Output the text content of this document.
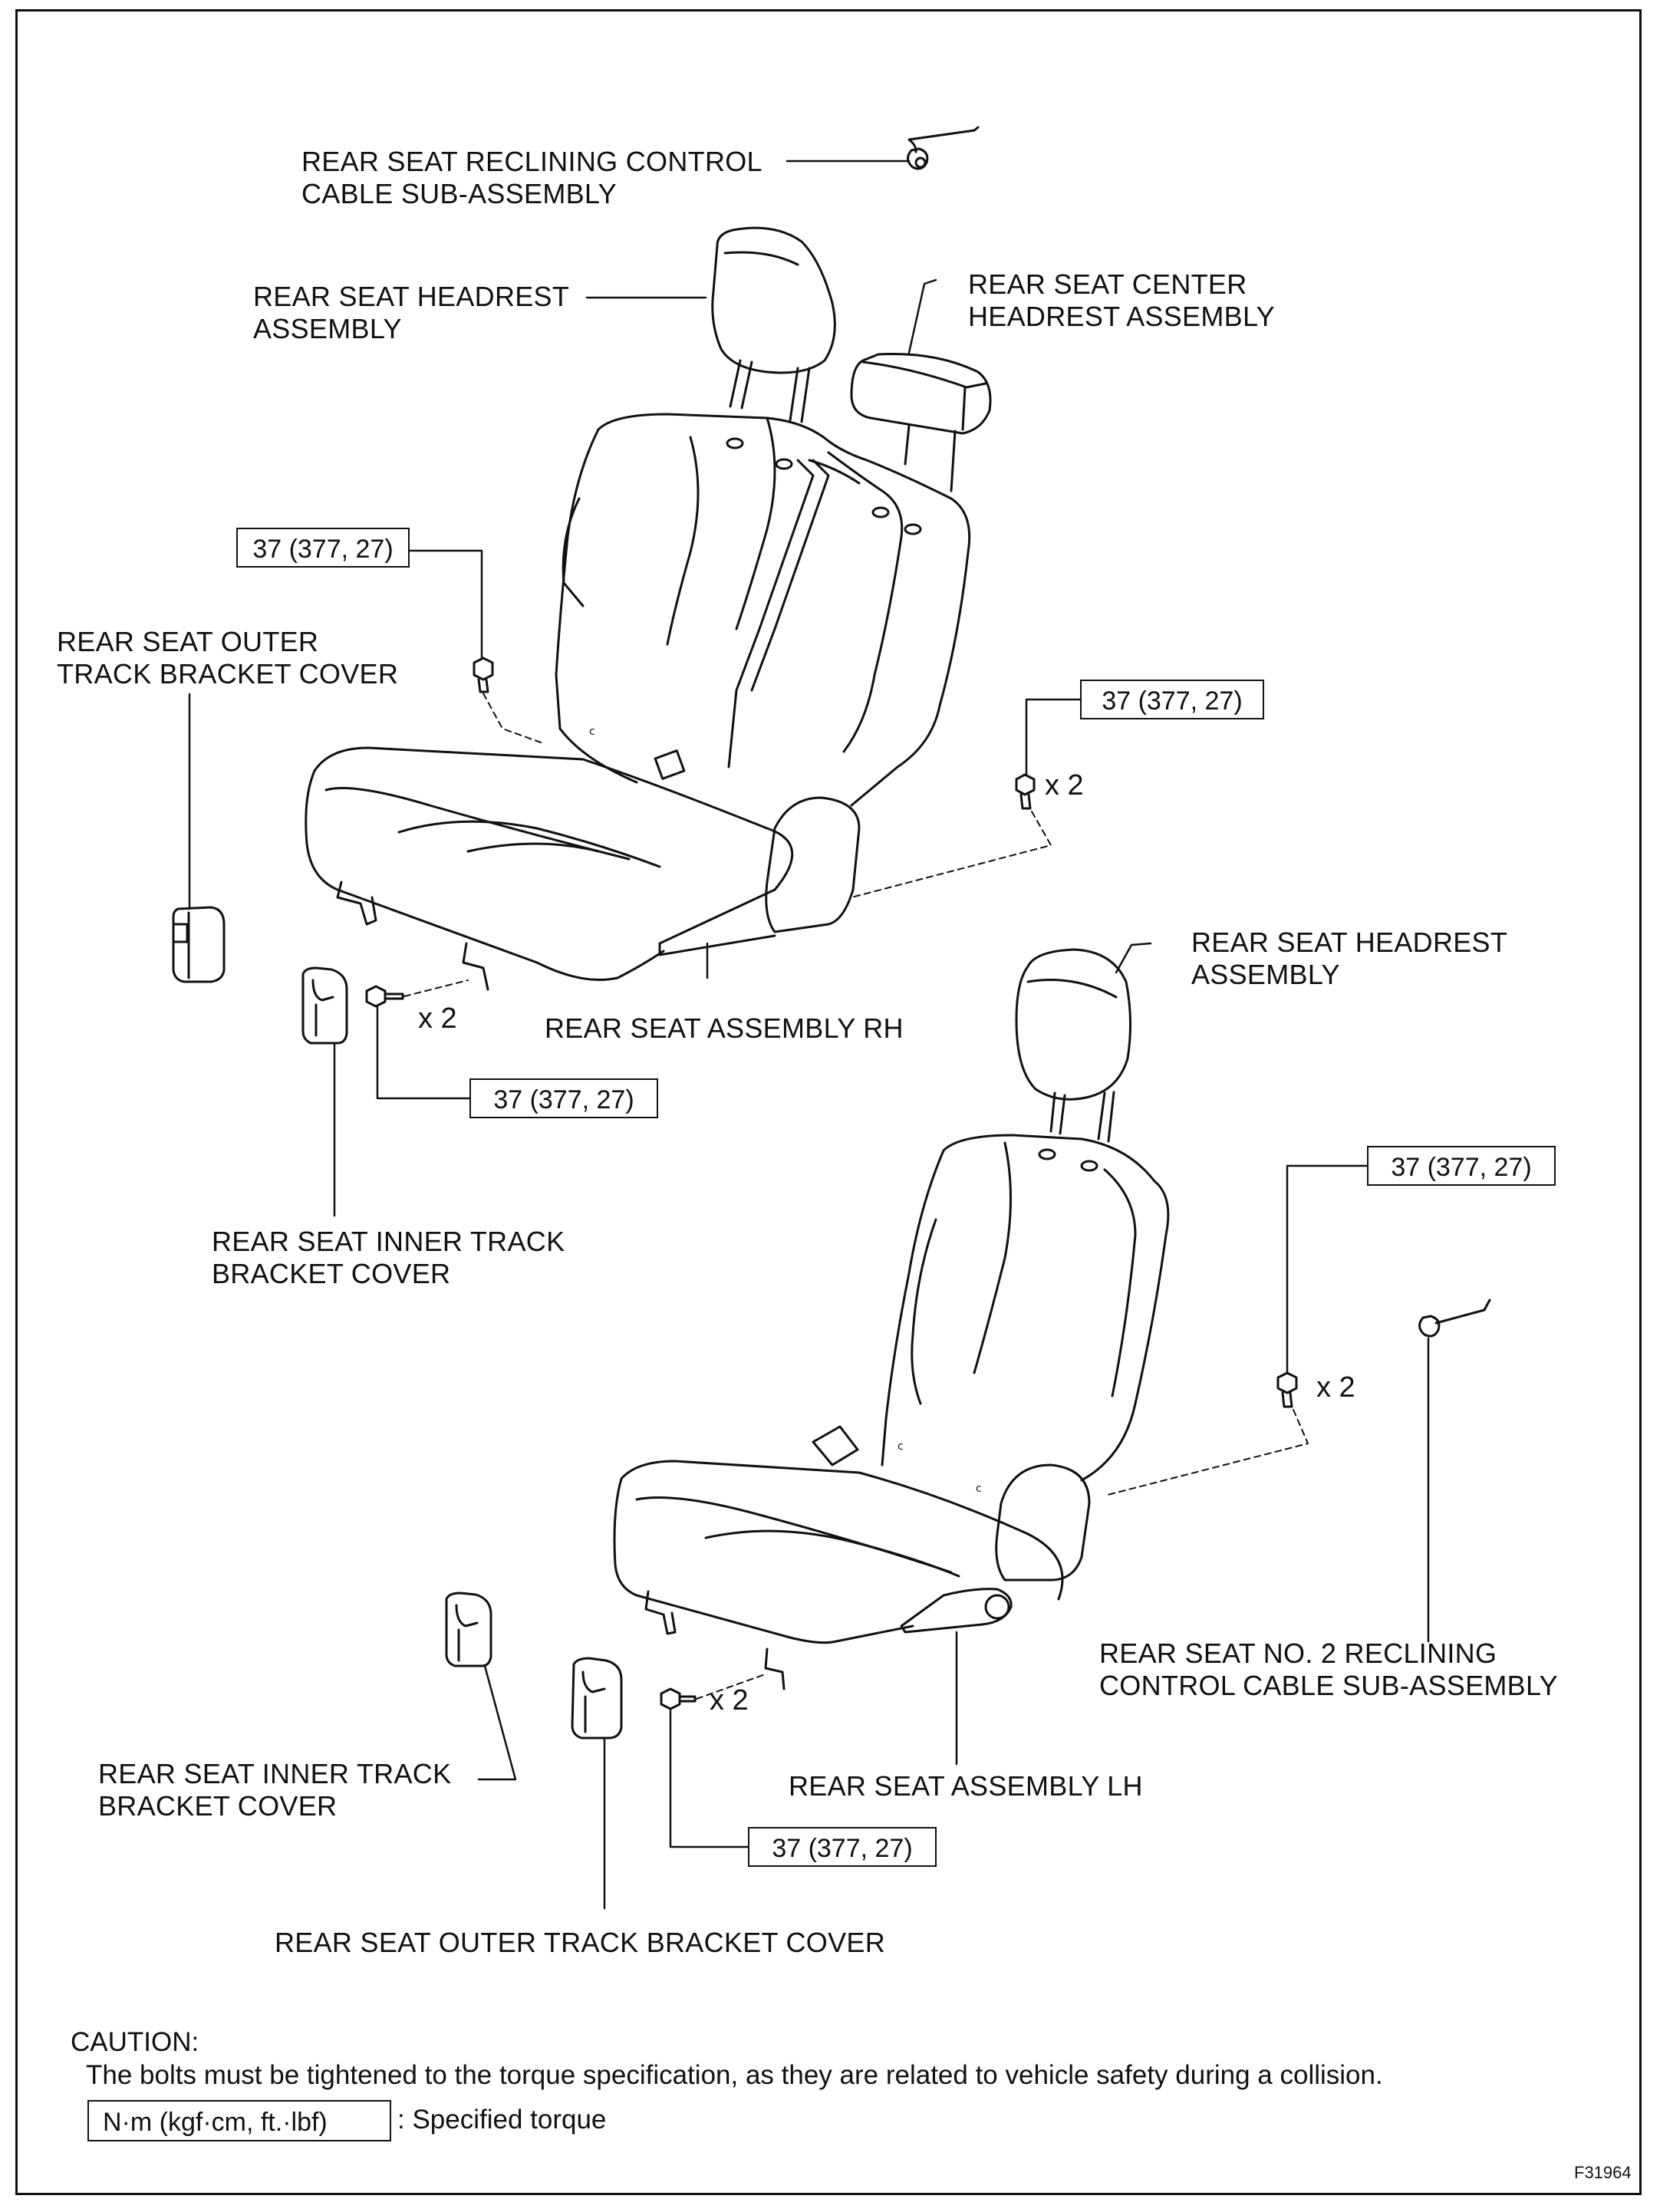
c
c
c
REAR SEAT RECLINING CONTROL
CABLE SUB-ASSEMBLY
REAR SEAT HEADREST
ASSEMBLY
REAR SEAT CENTER
HEADREST ASSEMBLY
REAR SEAT OUTER
TRACK BRACKET COVER
REAR SEAT ASSEMBLY RH
REAR SEAT INNER TRACK
BRACKET COVER
REAR SEAT HEADREST
ASSEMBLY
REAR SEAT NO. 2 RECLINING
CONTROL CABLE SUB-ASSEMBLY
REAR SEAT INNER TRACK
BRACKET COVER
REAR SEAT ASSEMBLY LH
REAR SEAT OUTER TRACK BRACKET COVER
37 (377, 27)
37 (377, 27)
37 (377, 27)
37 (377, 27)
37 (377, 27)
x 2
x 2
x 2
x 2
CAUTION:
The bolts must be tightened to the torque specification, as they are related to vehicle safety during a collision.
N·m (kgf·cm, ft.·lbf)	: Specified torque
F31964
